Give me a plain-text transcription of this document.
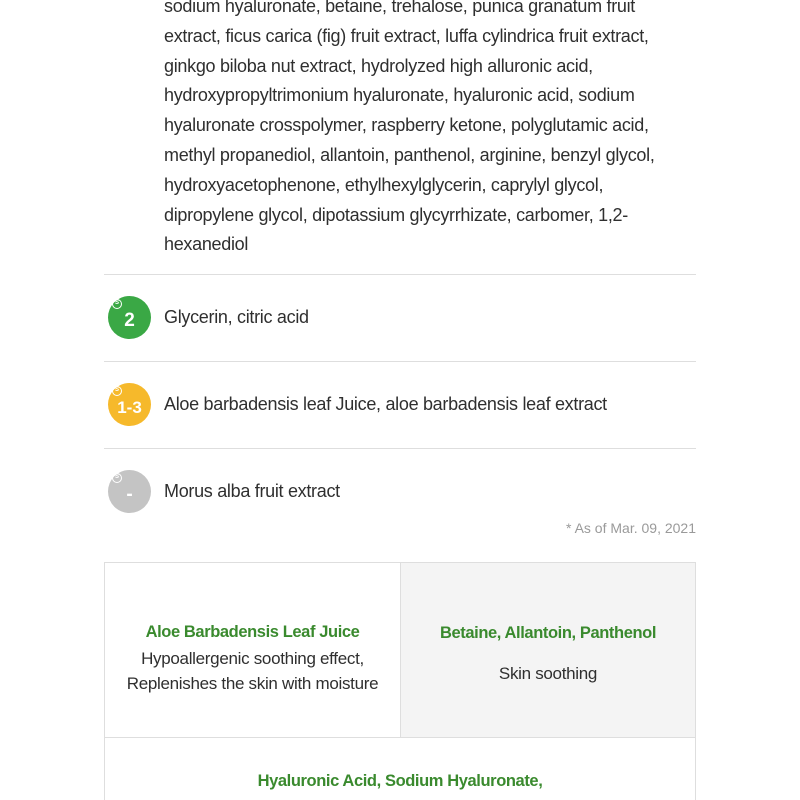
sodium hyaluronate, betaine, trehalose, punica granatum fruit
extract, ficus carica (fig) fruit extract, luffa cylindrica fruit extract,
ginkgo biloba nut extract, hydrolyzed high alluronic acid,
hydroxypropyltrimonium hyaluronate, hyaluronic acid, sodium
hyaluronate crosspolymer, raspberry ketone, polyglutamic acid,
methyl propanediol, allantoin, panthenol, arginine, benzyl glycol,
hydroxyacetophenone, ethylhexylglycerin, caprylyl glycol,
dipropylene glycol, dipotassium glycyrrhizate, carbomer, 1,2-
hexanediol
S
2 Glycerin, citric acid
S
1-3 Aloe barbadensis leaf Juice, aloe barbadensis leaf extract
S
- Morus alba fruit extract
* As of Mar. 09, 2021
Aloe Barbadensis Leaf Juice
Hypoallergenic soothing effect,
Replenishes the skin with moisture
Betaine, Allantoin, Panthenol
Skin soothing
Hyaluronic Acid, Sodium Hyaluronate,
